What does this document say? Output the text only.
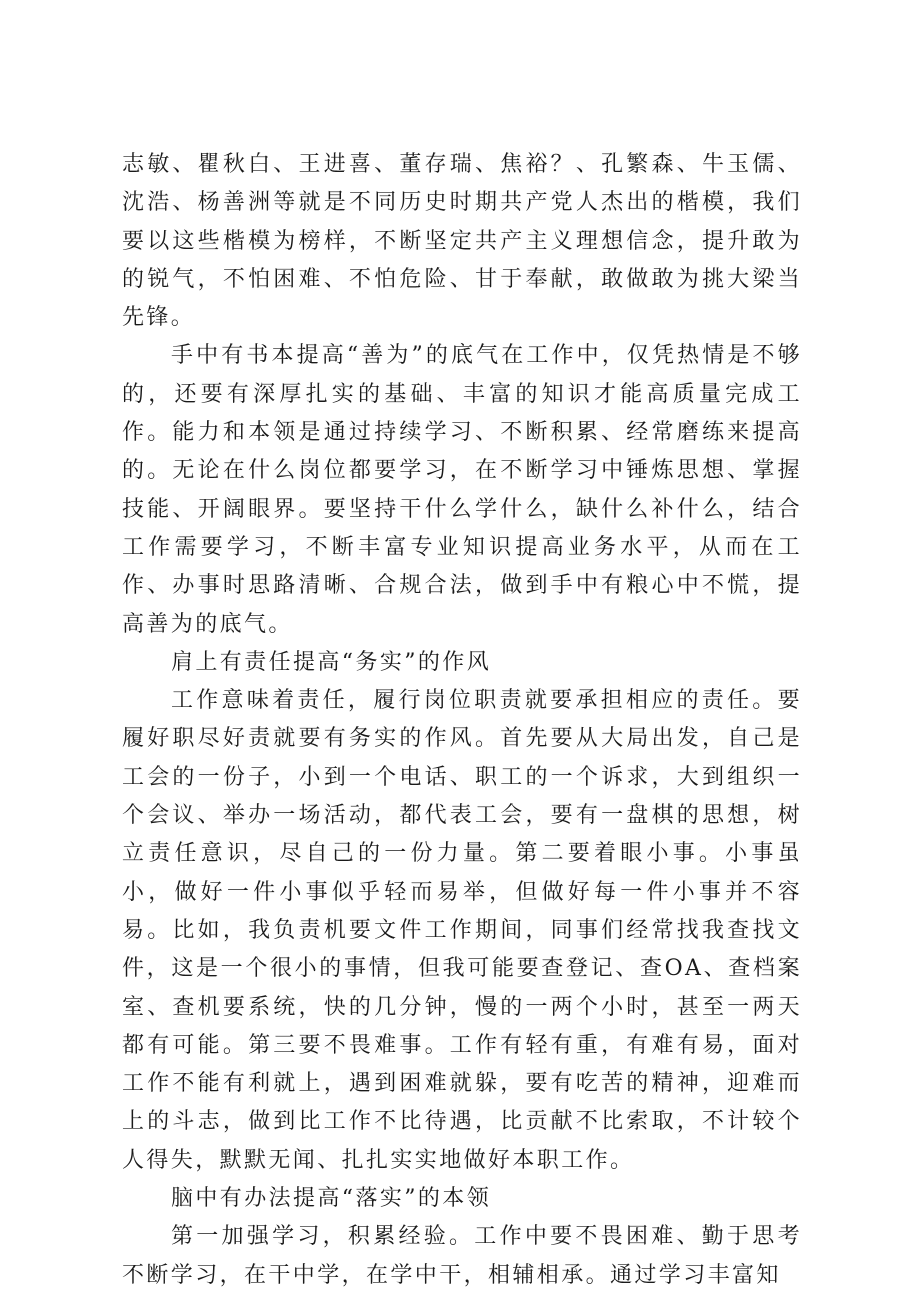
志敏、瞿秋白、王进喜、董存瑞、焦裕？、孔繁森、牛玉儒、沈浩、杨善洲等就是不同历史时期共产党人杰出的楷模，我们要以这些楷模为榜样，不断坚定共产主义理想信念，提升敢为的锐气，不怕困难、不怕危险、甘于奉献，敢做敢为挑大梁当先锋。

手中有书本提高“善为”的底气在工作中，仅凭热情是不够的，还要有深厚扎实的基础、丰富的知识才能高质量完成工作。能力和本领是通过持续学习、不断积累、经常磨练来提高的。无论在什么岗位都要学习，在不断学习中锤炼思想、掌握技能、开阔眼界。要坚持干什么学什么，缺什么补什么，结合工作需要学习，不断丰富专业知识提高业务水平，从而在工作、办事时思路清晰、合规合法，做到手中有粮心中不慌，提高善为的底气。

肩上有责任提高“务实”的作风

工作意味着责任，履行岗位职责就要承担相应的责任。要履好职尽好责就要有务实的作风。首先要从大局出发，自己是工会的一份子，小到一个电话、职工的一个诉求，大到组织一个会议、举办一场活动，都代表工会，要有一盘棋的思想，树立责任意识，尽自己的一份力量。第二要着眼小事。小事虽小，做好一件小事似乎轻而易举，但做好每一件小事并不容易。比如，我负责机要文件工作期间，同事们经常找我查找文件，这是一个很小的事情，但我可能要查登记、查OA、查档案室、查机要系统，快的几分钟，慢的一两个小时，甚至一两天都有可能。第三要不畏难事。工作有轻有重，有难有易，面对工作不能有利就上，遇到困难就躲，要有吃苦的精神，迎难而上的斗志，做到比工作不比待遇，比贡献不比索取，不计较个人得失，默默无闻、扎扎实实地做好本职工作。

脑中有办法提高“落实”的本领

第一加强学习，积累经验。工作中要不畏困难、勤于思考不断学习，在干中学，在学中干，相辅相承。通过学习丰富知
